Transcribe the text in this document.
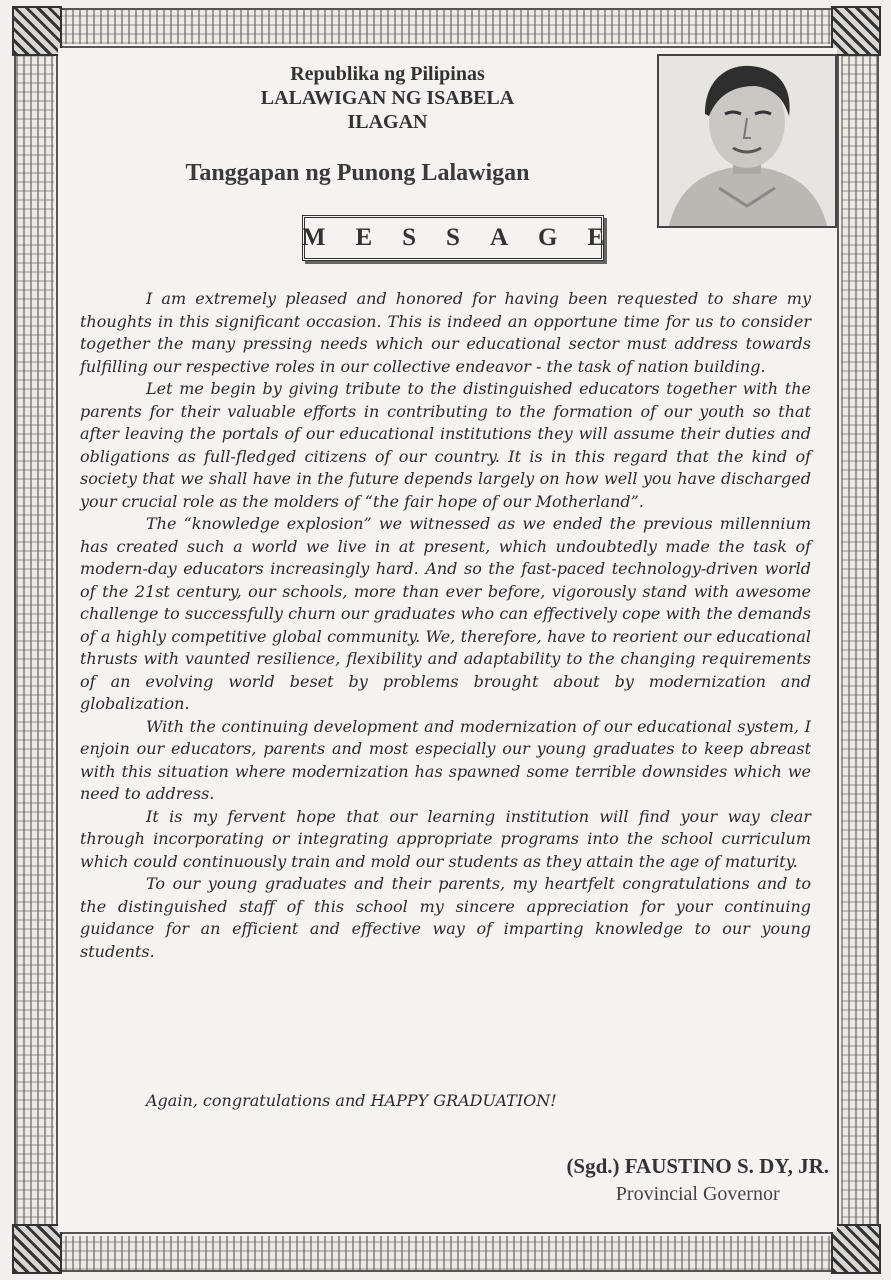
Republika ng Pilipinas
LALAWIGAN NG ISABELA
ILAGAN
Tanggapan ng Punong Lalawigan
MESSAGE

I am extremely pleased and honored for having been requested to share my thoughts in this significant occasion. This is indeed an opportune time for us to consider together the many pressing needs which our educational sector must address towards fulfilling our respective roles in our collective endeavor - the task of nation building.

Let me begin by giving tribute to the distinguished educators together with the parents for their valuable efforts in contributing to the formation of our youth so that after leaving the portals of our educational institutions they will assume their duties and obligations as full-fledged citizens of our country. It is in this regard that the kind of society that we shall have in the future depends largely on how well you have discharged your crucial role as the molders of “the fair hope of our Motherland”.

The “knowledge explosion” we witnessed as we ended the previous millennium has created such a world we live in at present, which undoubtedly made the task of modern-day educators increasingly hard. And so the fast-paced technology-driven world of the 21st century, our schools, more than ever before, vigorously stand with awesome challenge to successfully churn our graduates who can effectively cope with the demands of a highly competitive global community. We, therefore, have to reorient our educational thrusts with vaunted resilience, flexibility and adaptability to the changing requirements of an evolving world beset by problems brought about by modernization and globalization.

With the continuing development and modernization of our educational system, I enjoin our educators, parents and most especially our young graduates to keep abreast with this situation where modernization has spawned some terrible downsides which we need to address.

It is my fervent hope that our learning institution will find your way clear through incorporating or integrating appropriate programs into the school curriculum which could continuously train and mold our students as they attain the age of maturity.

To our young graduates and their parents, my heartfelt congratulations and to the distinguished staff of this school my sincere appreciation for your continuing guidance for an efficient and effective way of imparting knowledge to our young students.

Again, congratulations and HAPPY GRADUATION!
(Sgd.) FAUSTINO S. DY, JR.
Provincial Governor
